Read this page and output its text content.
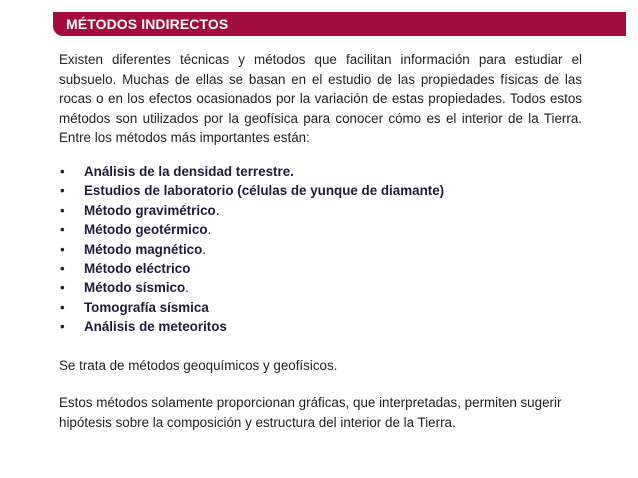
MÉTODOS INDIRECTOS

Existen diferentes técnicas y métodos que facilitan información para estudiar el subsuelo. Muchas de ellas se basan en el estudio de las propiedades físicas de las rocas o en los efectos ocasionados por la variación de estas propiedades. Todos estos métodos son utilizados por la geofísica para conocer cómo es el interior de la Tierra. Entre los métodos más importantes están:

• Análisis de la densidad terrestre.
• Estudios de laboratorio (células de yunque de diamante)
• Método gravimétrico.
• Método geotérmico.
• Método magnético.
• Método eléctrico
• Método sísmico.
• Tomografía sísmica
• Análisis de meteoritos

Se trata de métodos geoquímicos y geofísicos.

Estos métodos solamente proporcionan gráficas, que interpretadas, permiten sugerir hipótesis sobre la composición y estructura del interior de la Tierra.
